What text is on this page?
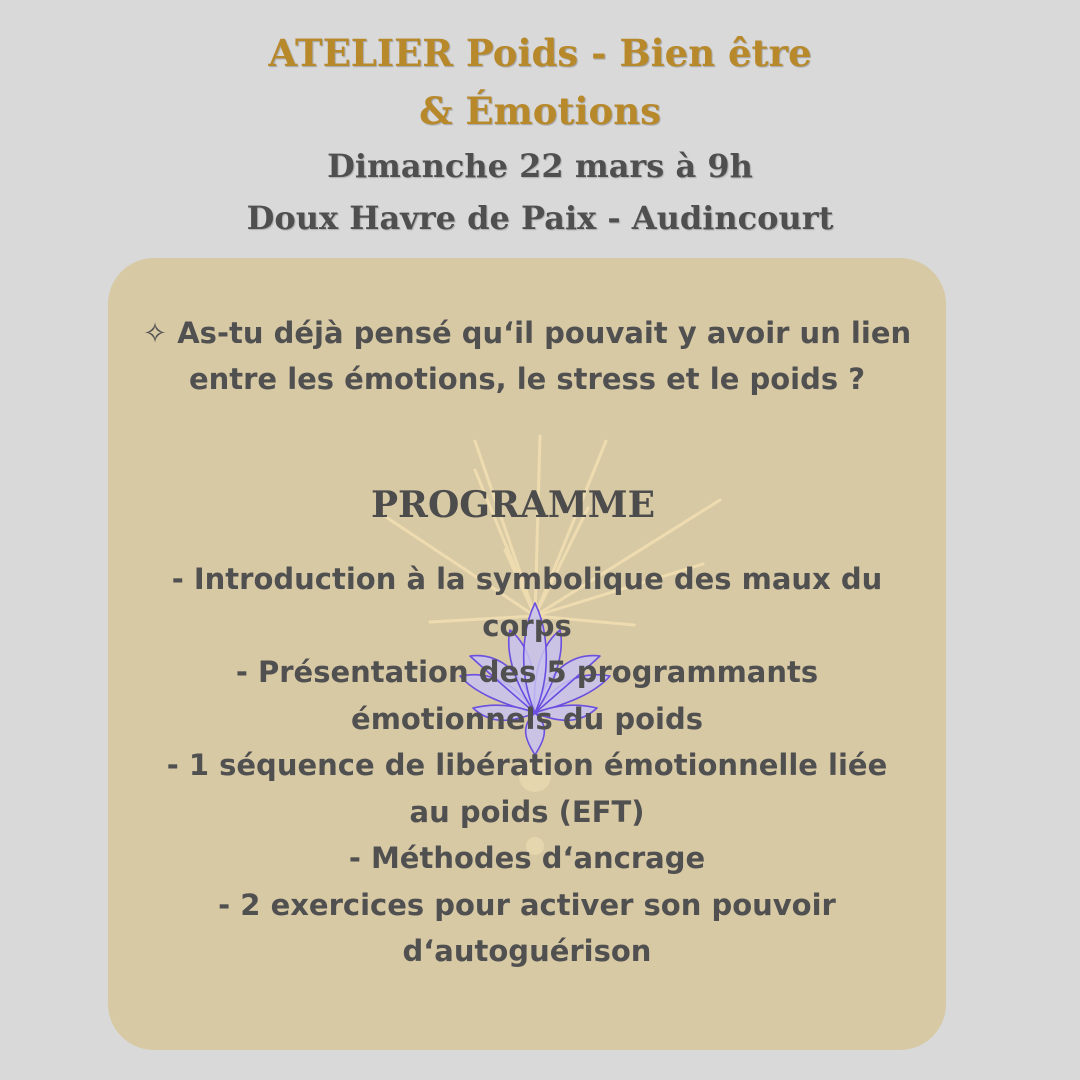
ATELIER Poids - Bien être
& Émotions
Dimanche 22 mars à 9h
Doux Havre de Paix - Audincourt
✧ As-tu déjà pensé qu‘il pouvait y avoir un lien entre les émotions, le stress et le poids ?
PROGRAMME
- Introduction à la symbolique des maux du corps
- Présentation des 5 programmants émotionnels du poids
- 1 séquence de libération émotionnelle liée au poids (EFT)
- Méthodes d‘ancrage
- 2 exercices pour activer son pouvoir d‘autoguérison
